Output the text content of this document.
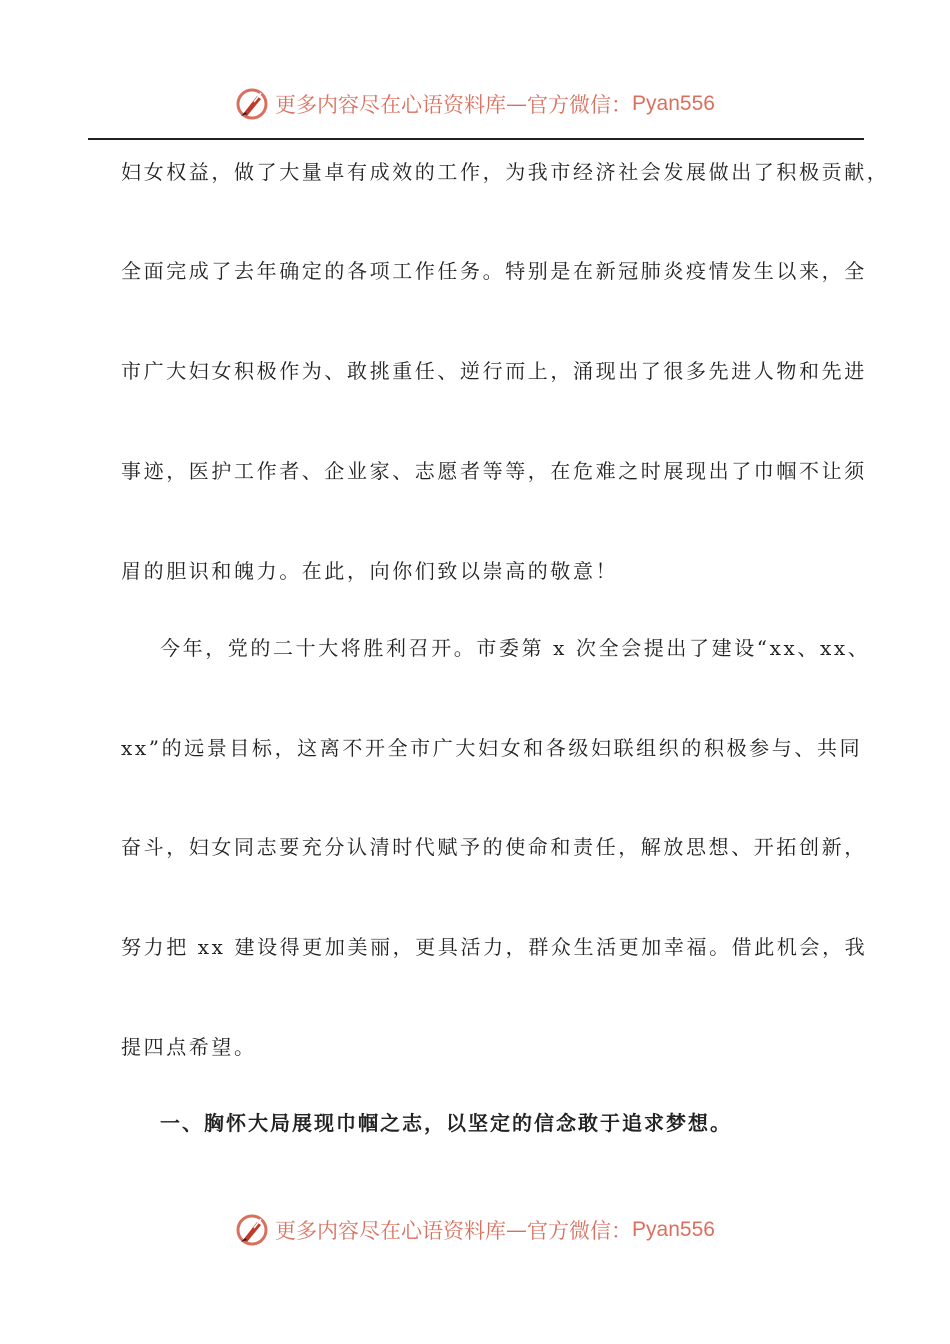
更多内容尽在心语资料库 — 官方微信： Pyan556
妇女权益，做了大量卓有成效的工作，为我市经济社会发展做出了积极贡献，
全面完成了去年确定的各项工作任务。特别是在新冠肺炎疫情发生以来，全
市广大妇女积极作为、敢挑重任、逆行而上，涌现出了很多先进人物和先进
事迹，医护工作者、企业家、志愿者等等，在危难之时展现出了巾帼不让须
眉的胆识和魄力。在此，向你们致以崇高的敬意！
今年，党的二十大将胜利召开。市委第 x 次全会提出了建设“xx、xx、
xx”的远景目标，这离不开全市广大妇女和各级妇联组织的积极参与、共同
奋斗，妇女同志要充分认清时代赋予的使命和责任，解放思想、开拓创新，
努力把 xx 建设得更加美丽，更具活力，群众生活更加幸福。借此机会，我
提四点希望。
一、胸怀大局展现巾帼之志，以坚定的信念敢于追求梦想。
更多内容尽在心语资料库 — 官方微信： Pyan556
